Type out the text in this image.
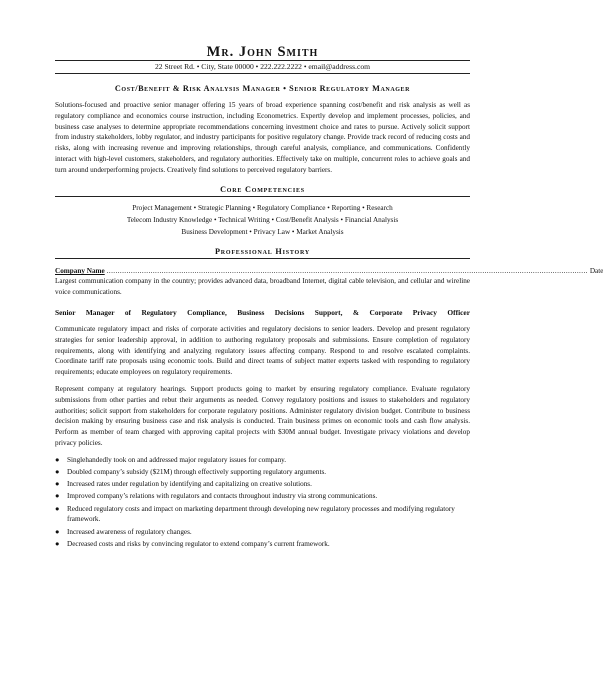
Mr. John Smith
22 Street Rd. • City, State 00000 • 222.222.2222 • email@address.com
Cost/Benefit & Risk Analysis Manager • Senior Regulatory Manager
Solutions-focused and proactive senior manager offering 15 years of broad experience spanning cost/benefit and risk analysis as well as regulatory compliance and economics course instruction, including Econometrics. Expertly develop and implement processes, policies, and business case analyses to determine appropriate recommendations concerning investment choice and rates to pursue. Actively solicit support from industry stakeholders, lobby regulator, and industry participants for positive regulatory change. Provide track record of reducing costs and risks, along with increasing revenue and improving relationships, through careful analysis, compliance, and communications. Confidently interact with high-level customers, stakeholders, and regulatory authorities. Effectively take on multiple, concurrent roles to achieve goals and turn around underperforming projects. Creatively find solutions to perceived regulatory barriers.
Core Competencies
Project Management • Strategic Planning • Regulatory Compliance • Reporting • Research
Telecom Industry Knowledge • Technical Writing • Cost/Benefit Analysis • Financial Analysis
Business Development • Privacy Law • Market Analysis
Professional History
Company Name ........................................................................................................................................................................................................................... Date
Largest communication company in the country; provides advanced data, broadband Internet, digital cable television, and cellular and wireline voice communications.
Senior Manager of Regulatory Compliance, Business Decisions Support, & Corporate Privacy Officer
Communicate regulatory impact and risks of corporate activities and regulatory decisions to senior leaders. Develop and present regulatory strategies for senior leadership approval, in addition to authoring regulatory proposals and submissions. Ensure completion of regulatory requirements, along with identifying and analyzing regulatory issues affecting company. Respond to and resolve escalated complaints. Coordinate tariff rate proposals using economic tools. Build and direct teams of subject matter experts tasked with responding to regulatory requirements; educate employees on regulatory requirements.
Represent company at regulatory hearings. Support products going to market by ensuring regulatory compliance. Evaluate regulatory submissions from other parties and rebut their arguments as needed. Convey regulatory positions and issues to stakeholders and regulatory authorities; solicit support from stakeholders for corporate regulatory positions. Administer regulatory division budget. Contribute to business decision making by ensuring business case and risk analysis is conducted. Train business primes on economic tools and cash flow analysis. Perform as member of team charged with approving capital projects with $30M annual budget. Investigate privacy violations and develop privacy policies.
● Singlehandedly took on and addressed major regulatory issues for company.
● Doubled company’s subsidy ($21M) through effectively supporting regulatory arguments.
● Increased rates under regulation by identifying and capitalizing on creative solutions.
● Improved company’s relations with regulators and contacts throughout industry via strong communications.
● Reduced regulatory costs and impact on marketing department through developing new regulatory processes and modifying regulatory framework.
● Increased awareness of regulatory changes.
● Decreased costs and risks by convincing regulator to extend company’s current framework.
